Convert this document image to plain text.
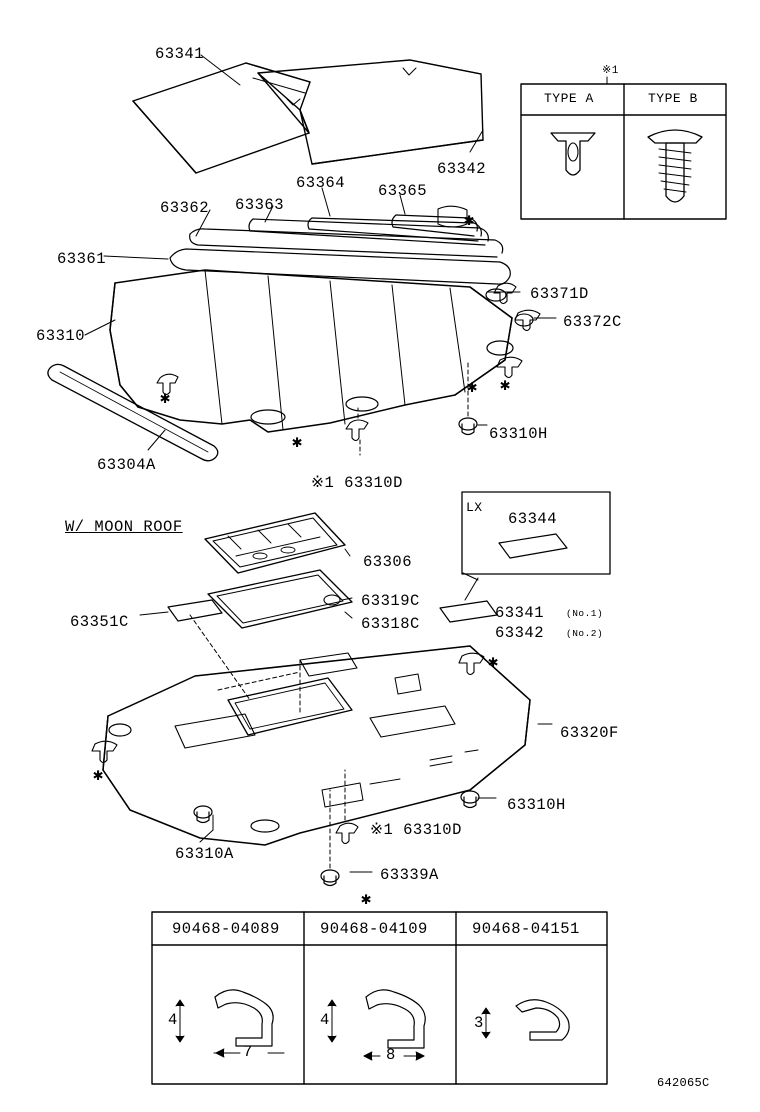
✱
✱
✱ ✱
✱
✱
✱
✱
※1
TYPE A	TYPE B
63341
63342
63364 63365
63362 63363
63361
63371D
63372C
63310
63310H
63304A
※1 63310D
63344
63306
63319C
63318C
63341 (No.1)
63342 (No.2)
63351C
63320F
63310H
※1 63310D
63310A
63339A
W/ MOON ROOF
LX
90468-04089	90468-04109	90468-04151
4
7
4
8
3
642065C
